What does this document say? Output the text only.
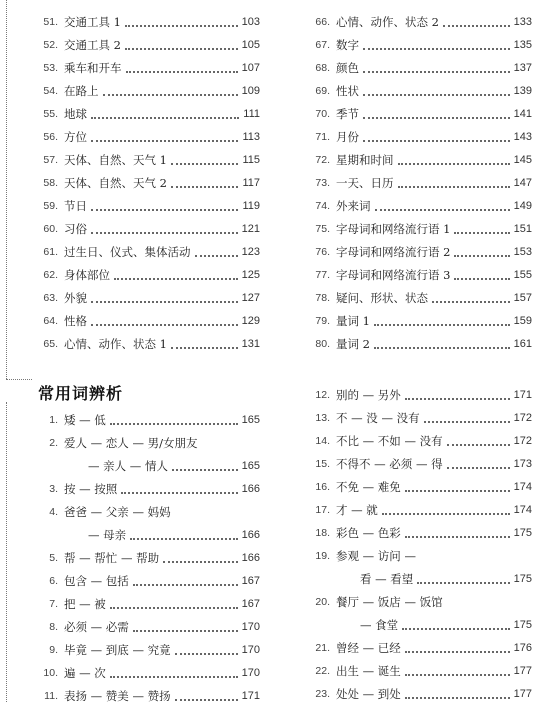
常用词辨析
51. 交通工具 1	103
52. 交通工具 2	105
53. 乘车和开车	107
54. 在路上	109
55. 地球	111
56. 方位	113
57. 天体、自然、天气 1	115
58. 天体、自然、天气 2	117
59. 节日	119
60. 习俗	121
61. 过生日、仪式、集体活动	123
62. 身体部位	125
63. 外貌	127
64. 性格	129
65. 心情、动作、状态 1	131
66. 心情、动作、状态 2	133
67. 数字	135
68. 颜色	137
69. 性状	139
70. 季节	141
71. 月份	143
72. 星期和时间	145
73. 一天、日历	147
74. 外来词	149
75. 字母词和网络流行语 1	151
76. 字母词和网络流行语 2	153
77. 字母词和网络流行语 3	155
78. 疑问、形状、状态	157
79. 量词 1	159
80. 量词 2	161
1. 矮 — 低	165
2. 爱人 — 恋人 — 男/女朋友
— 亲人 — 情人	165
3. 按 — 按照	166
4. 爸爸 — 父亲 — 妈妈
— 母亲	166
5. 帮 — 帮忙 — 帮助	166
6. 包含 — 包括	167
7. 把 — 被	167
8. 必须 — 必需	170
9. 毕竟 — 到底 — 究竟	170
10. 遍 — 次	170
11. 表扬 — 赞美 — 赞扬	171
12. 别的 — 另外	171
13. 不 — 没 — 没有	172
14. 不比 — 不如 — 没有	172
15. 不得不 — 必须 — 得	173
16. 不免 — 难免	174
17. 才 — 就	174
18. 彩色 — 色彩	175
19. 参观 — 访问 —
看 — 看望	175
20. 餐厅 — 饭店 — 饭馆
— 食堂	175
21. 曾经 — 已经	176
22. 出生 — 诞生	177
23. 处处 — 到处	177
